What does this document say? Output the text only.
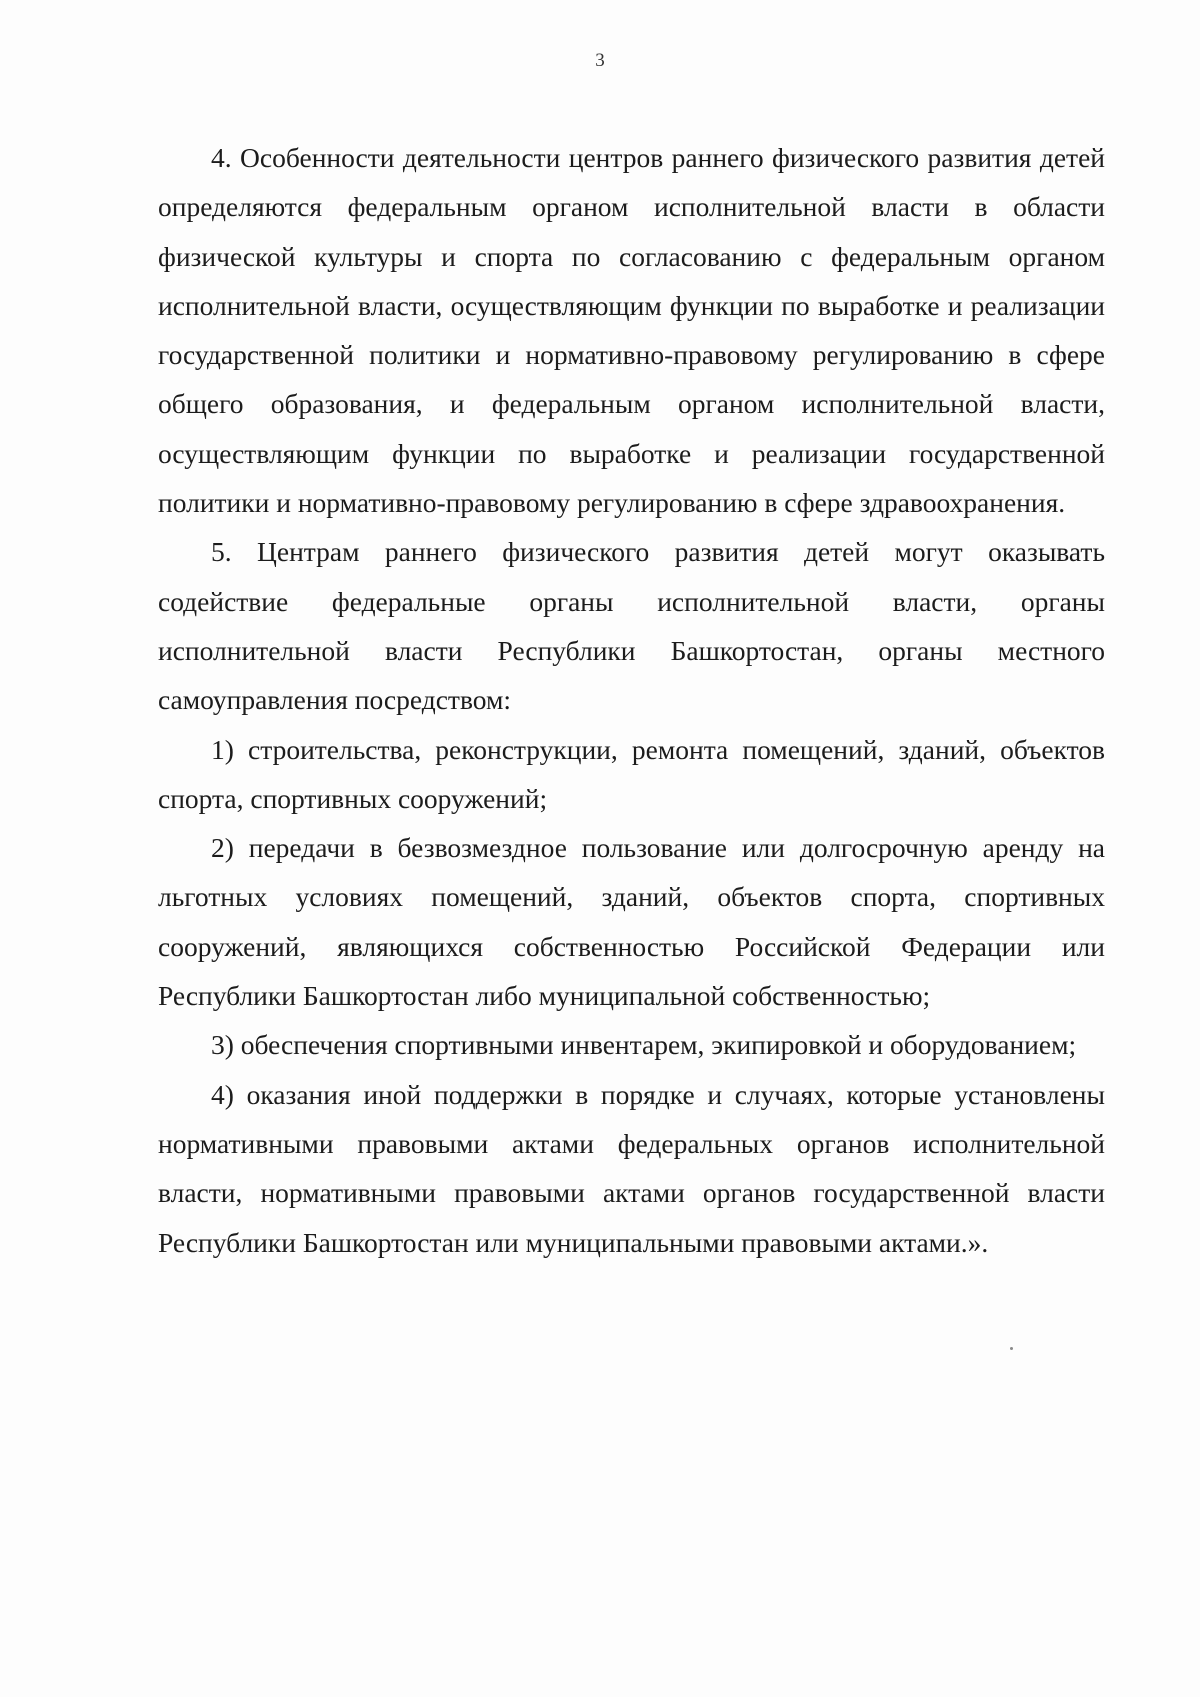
3

4. Особенности деятельности центров раннего физического развития детей определяются федеральным органом исполнительной власти в области физической культуры и спорта по согласованию с федеральным органом исполнительной власти, осуществляющим функции по выработке и реализации государственной политики и нормативно-правовому регулированию в сфере общего образования, и федеральным органом исполнительной власти, осуществляющим функции по выработке и реализации государственной политики и нормативно-правовому регулированию в сфере здравоохранения.

5. Центрам раннего физического развития детей могут оказывать содействие федеральные органы исполнительной власти, органы исполнительной власти Республики Башкортостан, органы местного самоуправления посредством:

1) строительства, реконструкции, ремонта помещений, зданий, объектов спорта, спортивных сооружений;

2) передачи в безвозмездное пользование или долгосрочную аренду на льготных условиях помещений, зданий, объектов спорта, спортивных сооружений, являющихся собственностью Российской Федерации или Республики Башкортостан либо муниципальной собственностью;

3) обеспечения спортивными инвентарем, экипировкой и оборудованием;

4) оказания иной поддержки в порядке и случаях, которые установлены нормативными правовыми актами федеральных органов исполнительной власти, нормативными правовыми актами органов государственной власти Республики Башкортостан или муниципальными правовыми актами.».
